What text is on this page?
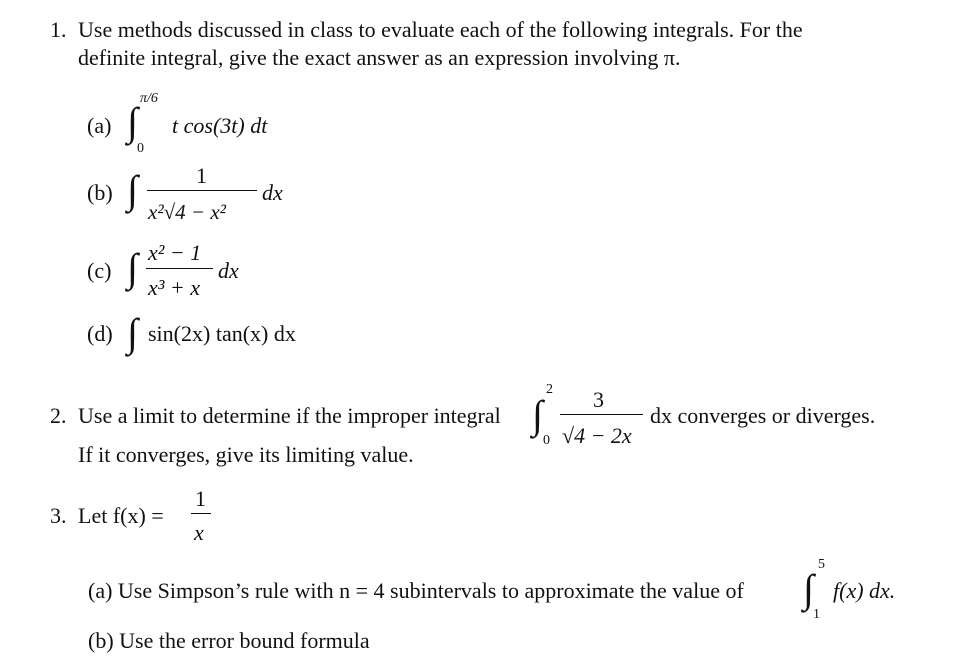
1. Use methods discussed in class to evaluate each of the following integrals. For the
definite integral, give the exact answer as an expression involving π.
(a) ∫
π/6
0
t cos(3t) dt
(b) ∫	1
x²√4 − x²
dx
(c) ∫ x² − 1
x³ + x
dx
(d) ∫ sin(2x) tan(x) dx
2. Use a limit to determine if the improper integral ∫
2
0
3
√4 − 2x
dx converges or diverges.
If it converges, give its limiting value.
3. Let f(x) =
1
x
(a) Use Simpson’s rule with n = 4 subintervals to approximate the value of ∫
5
1
f(x) dx.
(b) Use the error bound formula
